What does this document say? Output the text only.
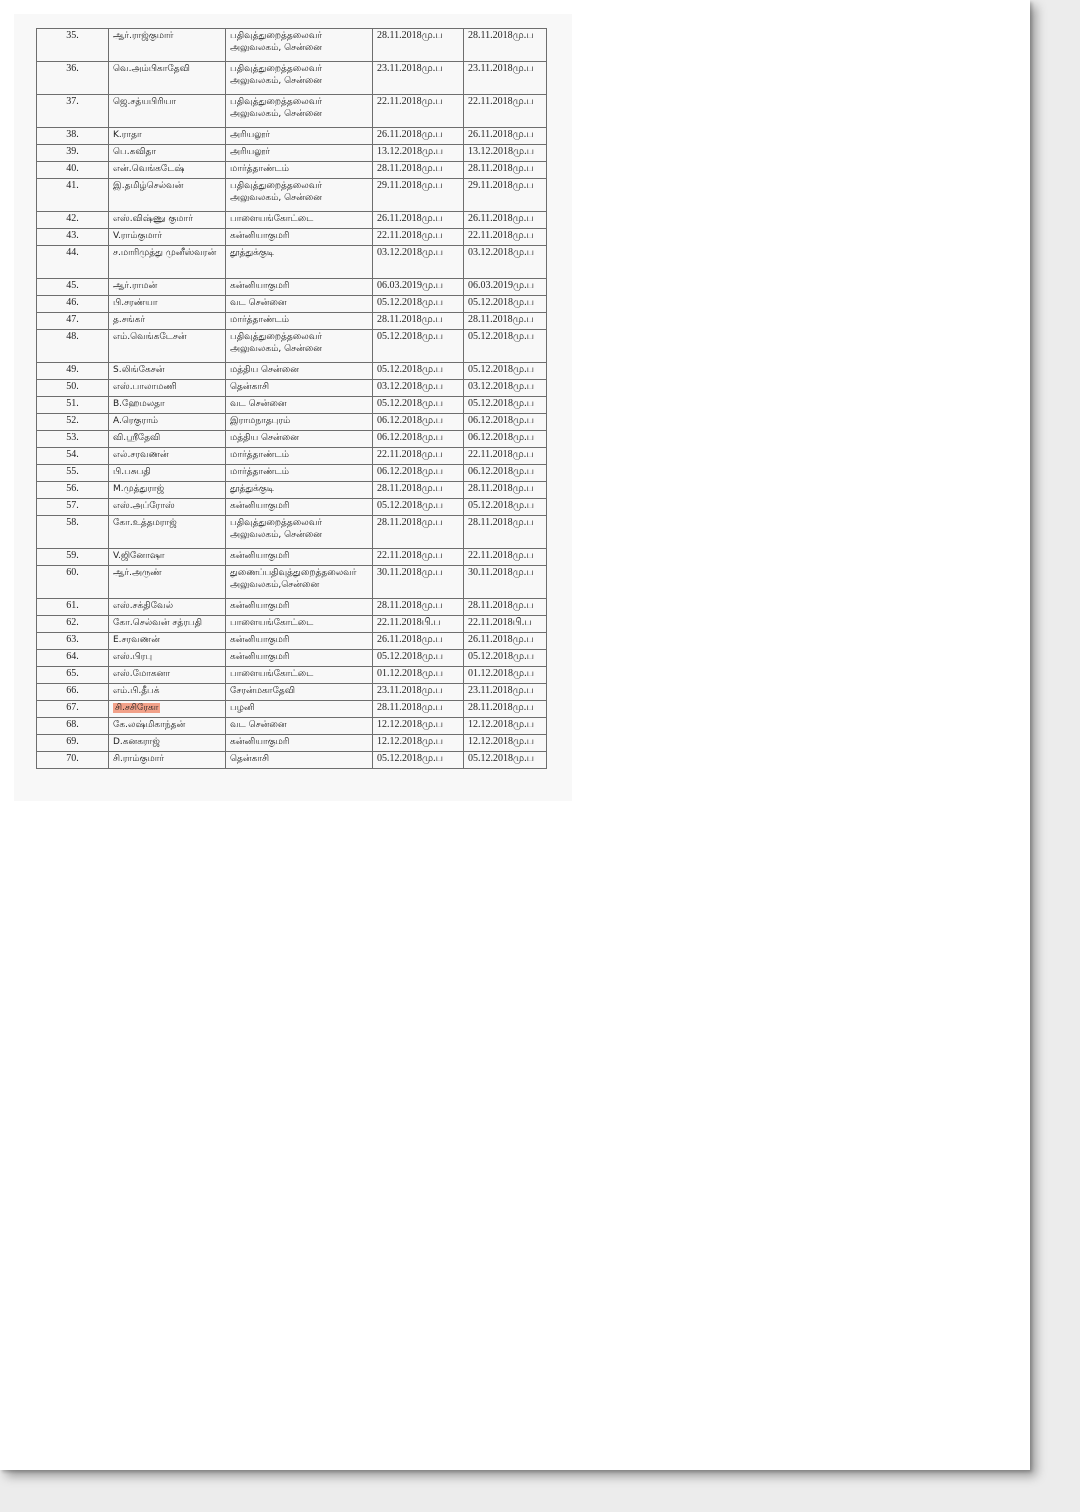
35.	ஆர்.ராஜ்குமார்	பதிவுத்துறைத்தலைவர் அலுவலகம், சென்னை	28.11.2018மு.ப	28.11.2018மு.ப
36.	வெ.அம்பிகாதேவி	பதிவுத்துறைத்தலைவர் அலுவலகம், சென்னை	23.11.2018மு.ப	23.11.2018மு.ப
37.	ஜெ.சத்யபிரியா	பதிவுத்துறைத்தலைவர் அலுவலகம், சென்னை	22.11.2018மு.ப	22.11.2018மு.ப
38.	K.ராதா	அரியலூர்	26.11.2018மு.ப	26.11.2018மு.ப
39.	பெ.கவிதா	அரியலூர்	13.12.2018மு.ப	13.12.2018மு.ப
40.	என்.வெங்கடேஷ்	மார்த்தாண்டம்	28.11.2018மு.ப	28.11.2018மு.ப
41.	இ.தமிழ்செல்வன்	பதிவுத்துறைத்தலைவர் அலுவலகம், சென்னை	29.11.2018மு.ப	29.11.2018மு.ப
42.	எஸ்.விஷ்ணு குமார்	பாளையங்கோட்டை	26.11.2018மு.ப	26.11.2018மு.ப
43.	V.ராம்குமார்	கன்னியாகுமரி	22.11.2018மு.ப	22.11.2018மு.ப
44.	ச.மாரிமுத்து முனீஸ்வரன்	தூத்துக்குடி	03.12.2018மு.ப	03.12.2018மு.ப
45.	ஆர்.ராமன்	கன்னியாகுமரி	06.03.2019மு.ப	06.03.2019மு.ப
46.	பி.சரண்யா	வட சென்னை	05.12.2018மு.ப	05.12.2018மு.ப
47.	த.சங்கர்	மார்த்தாண்டம்	28.11.2018மு.ப	28.11.2018மு.ப
48.	எம்.வெங்கடேசன்	பதிவுத்துறைத்தலைவர் அலுவலகம், சென்னை	05.12.2018மு.ப	05.12.2018மு.ப
49.	S.லிங்கேசன்	மத்திய சென்னை	05.12.2018மு.ப	05.12.2018மு.ப
50.	எஸ்.பாலாமணி	தென்காசி	03.12.2018மு.ப	03.12.2018மு.ப
51.	B.ஹேமலதா	வட சென்னை	05.12.2018மு.ப	05.12.2018மு.ப
52.	A.ரெகுராம்	இராமநாதபுரம்	06.12.2018மு.ப	06.12.2018மு.ப
53.	வி.ஸ்ரீதேவி	மத்திய சென்னை	06.12.2018மு.ப	06.12.2018மு.ப
54.	எல்.சரவணன்	மார்த்தாண்டம்	22.11.2018மு.ப	22.11.2018மு.ப
55.	பி.பசுபதி	மார்த்தாண்டம்	06.12.2018மு.ப	06.12.2018மு.ப
56.	M.முத்துராஜ்	தூத்துக்குடி	28.11.2018மு.ப	28.11.2018மு.ப
57.	எஸ்.அப்ரோஸ்	கன்னியாகுமரி	05.12.2018மு.ப	05.12.2018மு.ப
58.	கோ.உத்தமராஜ்	பதிவுத்துறைத்தலைவர் அலுவலகம், சென்னை	28.11.2018மு.ப	28.11.2018மு.ப
59.	V.ஜினோஷா	கன்னியாகுமரி	22.11.2018மு.ப	22.11.2018மு.ப
60.	ஆர்.அருண்	துணைப்பதிவுத்துறைத்தலைவர் அலுவலகம்,சென்னை	30.11.2018மு.ப	30.11.2018மு.ப
61.	எஸ்.சக்திவேல்	கன்னியாகுமரி	28.11.2018மு.ப	28.11.2018மு.ப
62.	கோ.செல்வன் சத்ரபதி	பாளையங்கோட்டை	22.11.2018பி.ப	22.11.2018பி.ப
63.	E.சரவணன்	கன்னியாகுமரி	26.11.2018மு.ப	26.11.2018மு.ப
64.	எஸ்.பிரபு	கன்னியாகுமரி	05.12.2018மு.ப	05.12.2018மு.ப
65.	எஸ்.மோகனா	பாளையங்கோட்டை	01.12.2018மு.ப	01.12.2018மு.ப
66.	எம்.பி.தீபக்	சேரன்மகாதேவி	23.11.2018மு.ப	23.11.2018மு.ப
67.	சி.சசிரேகா	பழனி	28.11.2018மு.ப	28.11.2018மு.ப
68.	கே.லஷ்மிகாந்தன்	வட சென்னை	12.12.2018மு.ப	12.12.2018மு.ப
69.	D.கனகராஜ்	கன்னியாகுமரி	12.12.2018மு.ப	12.12.2018மு.ப
70.	சி.ராம்குமார்	தென்காசி	05.12.2018மு.ப	05.12.2018மு.ப
